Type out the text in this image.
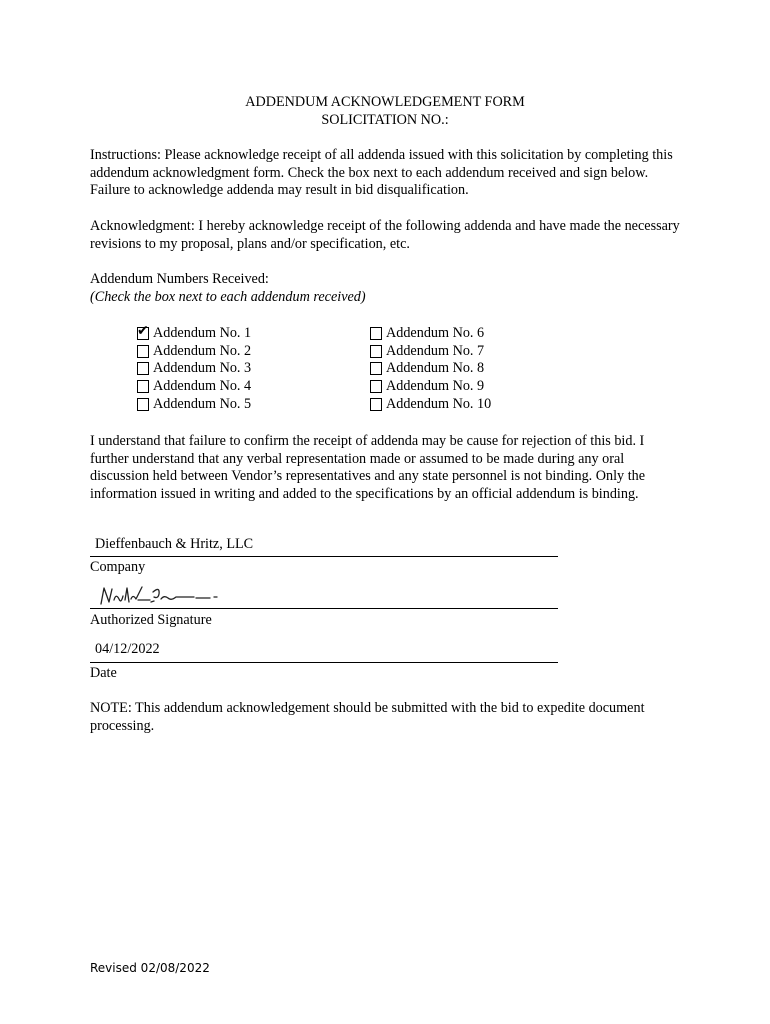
ADDENDUM ACKNOWLEDGEMENT FORM
SOLICITATION NO.:
Instructions: Please acknowledge receipt of all addenda issued with this solicitation by completing this addendum acknowledgment form. Check the box next to each addendum received and sign below. Failure to acknowledge addenda may result in bid disqualification.
Acknowledgment: I hereby acknowledge receipt of the following addenda and have made the necessary revisions to my proposal, plans and/or specification, etc.
Addendum Numbers Received:
(Check the box next to each addendum received)
✔ Addendum No. 1
Addendum No. 2
Addendum No. 3
Addendum No. 4
Addendum No. 5
Addendum No. 6
Addendum No. 7
Addendum No. 8
Addendum No. 9
Addendum No. 10
I understand that failure to confirm the receipt of addenda may be cause for rejection of this bid. I further understand that any verbal representation made or assumed to be made during any oral discussion held between Vendor’s representatives and any state personnel is not binding. Only the information issued in writing and added to the specifications by an official addendum is binding.
Dieffenbauch & Hritz, LLC
Company
Authorized Signature
04/12/2022
Date
NOTE: This addendum acknowledgement should be submitted with the bid to expedite document processing.
Revised 02/08/2022
